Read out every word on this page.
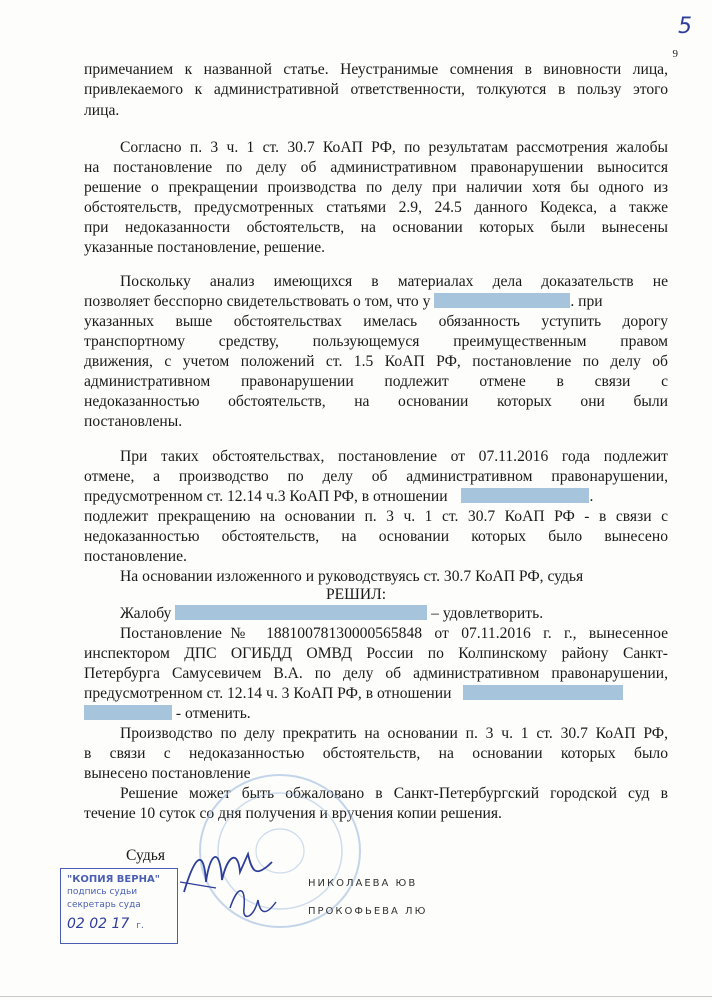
5
9
примечанием к названной статье. Неустранимые сомнения в виновности лица,
привлекаемого к административной ответственности, толкуются в пользу этого
лица.
Согласно п. 3 ч. 1 ст. 30.7 КоАП РФ, по результатам рассмотрения жалобы
на постановление по делу об административном правонарушении выносится
решение о прекращении производства по делу при наличии хотя бы одного из
обстоятельств, предусмотренных статьями 2.9, 24.5 данного Кодекса, а также
при недоказанности обстоятельств, на основании которых были вынесены
указанные постановление, решение.
Поскольку анализ имеющихся в материалах дела доказательств не
позволяет бесспорно свидетельствовать о том, что у	. при
указанных выше обстоятельствах имелась обязанность уступить дорогу
транспортному средству, пользующемуся преимущественным правом
движения, с учетом положений ст. 1.5 КоАП РФ, постановление по делу об
административном правонарушении подлежит отмене в связи с
недоказанностью обстоятельств, на основании которых они были
постановлены.
При таких обстоятельствах, постановление от 07.11.2016 года подлежит
отмене, а производство по делу об административном правонарушении,
предусмотренном ст. 12.14 ч.3 КоАП РФ, в отношении	.
подлежит прекращению на основании п. 3 ч. 1 ст. 30.7 КоАП РФ - в связи с
недоказанностью обстоятельств, на основании которых было вынесено
постановление.
На основании изложенного и руководствуясь ст. 30.7 КоАП РФ, судья
РЕШИЛ:
Жалобу	– удовлетворить.
Постановление№ 18810078130000565848 от 07.11.2016 г. г., вынесенное
инспектором ДПС ОГИБДД ОМВД России по Колпинскому району Санкт-
Петербурга Самусевичем В.А. по делу об административном правонарушении,
предусмотренном ст. 12.14 ч. 3 КоАП РФ, в отношении
- отменить.
Производство по делу прекратить на основании п. 3 ч. 1 ст. 30.7 КоАП РФ,
в связи с недоказанностью обстоятельств, на основании которых было
вынесено постановление
Решение может быть обжаловано в Санкт-Петербургский городской суд в
течение 10 суток со дня получения и вручения копии решения.
Судья
НИКОЛАЕВА ЮВ
ПРОКОФЬЕВА ЛЮ
"КОПИЯ ВЕРНА"
подпись судьи
секретарь суда
02 02 17 г.
